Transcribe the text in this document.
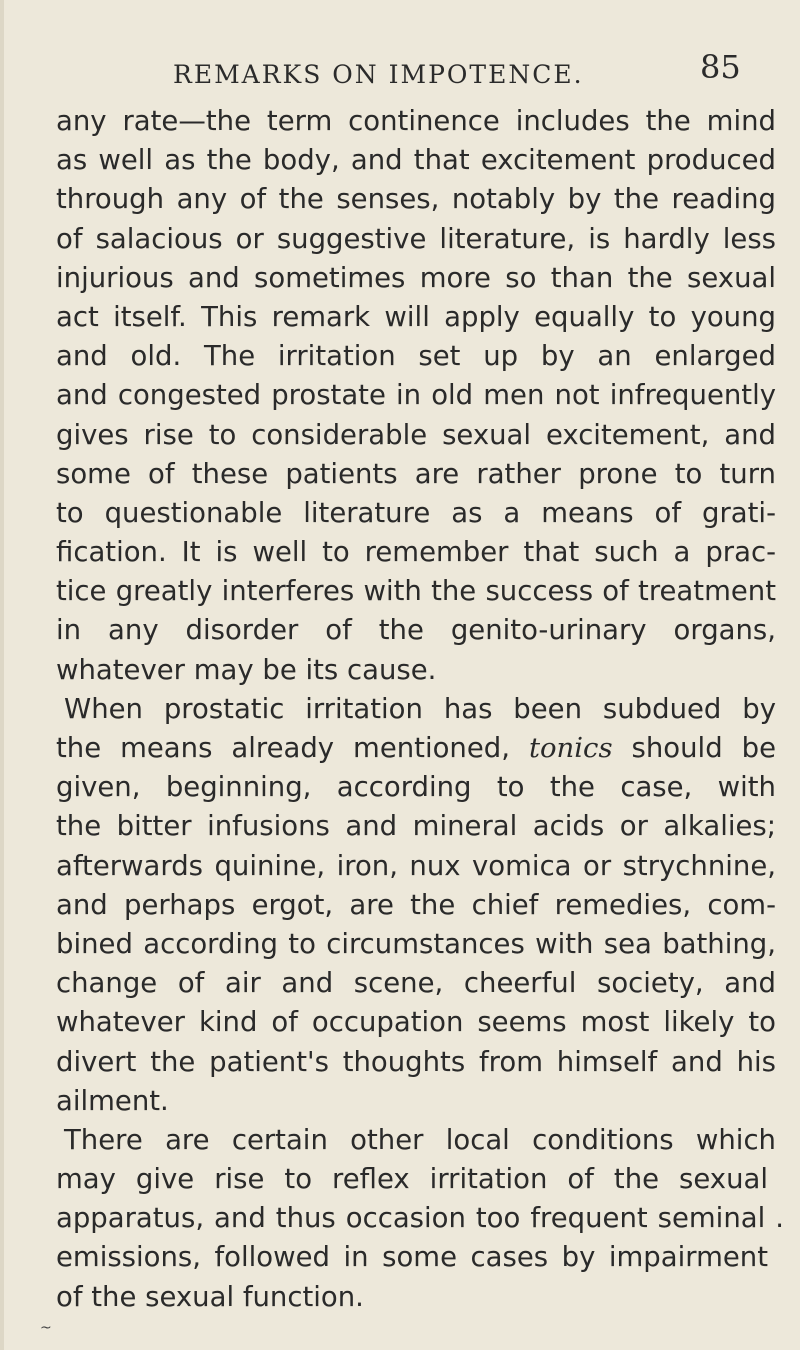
REMARKS ON IMPOTENCE.	85
any rate—the term continence includes the mind
as well as the body, and that excitement produced
through any of the senses, notably by the reading
of salacious or suggestive literature, is hardly less
injurious and sometimes more so than the sexual
act itself. This remark will apply equally to young
and old. The irritation set up by an enlarged
and congested prostate in old men not infrequently
gives rise to considerable sexual excitement, and
some of these patients are rather prone to turn
to questionable literature as a means of grati-
fication. It is well to remember that such a prac-
tice greatly interferes with the success of treatment
in any disorder of the genito-urinary organs,
whatever may be its cause.
When prostatic irritation has been subdued by
the means already mentioned, tonics should be
given, beginning, according to the case, with
the bitter infusions and mineral acids or alkalies;
afterwards quinine, iron, nux vomica or strychnine,
and perhaps ergot, are the chief remedies, com-
bined according to circumstances with sea bathing,
change of air and scene, cheerful society, and
whatever kind of occupation seems most likely to
divert the patient's thoughts from himself and his
ailment.
There are certain other local conditions which
may give rise to reflex irritation of the sexual
apparatus, and thus occasion too frequent seminal .
emissions, followed in some cases by impairment
of the sexual function.
~
